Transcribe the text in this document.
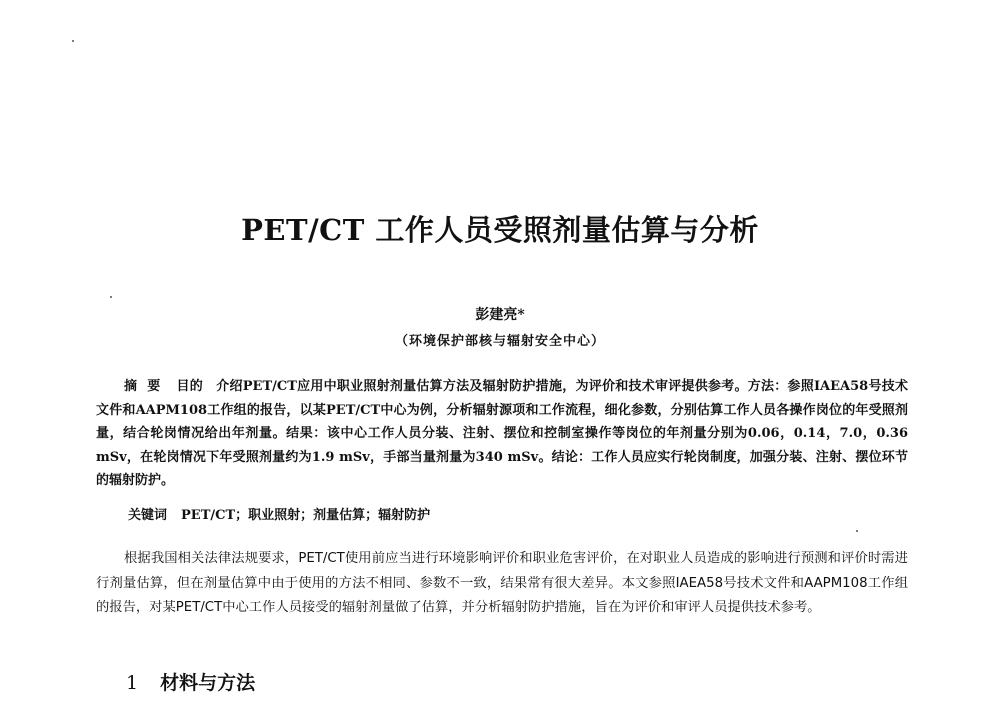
PET/CT 工作人员受照剂量估算与分析
彭建亮*
（环境保护部核与辐射安全中心）
摘要 目的　介绍PET/CT应用中职业照射剂量估算方法及辐射防护措施，为评价和技术审评提供参考。方法：参照IAEA58号技术文件和AAPM108工作组的报告，以某PET/CT中心为例，分析辐射源项和工作流程，细化参数，分别估算工作人员各操作岗位的年受照剂量，结合轮岗情况给出年剂量。结果：该中心工作人员分装、注射、摆位和控制室操作等岗位的年剂量分别为0.06，0.14，7.0，0.36 mSv，在轮岗情况下年受照剂量约为1.9 mSv，手部当量剂量为340 mSv。结论：工作人员应实行轮岗制度，加强分装、注射、摆位环节的辐射防护。
关键词 PET/CT；职业照射；剂量估算；辐射防护
根据我国相关法律法规要求，PET/CT使用前应当进行环境影响评价和职业危害评价，在对职业人员造成的影响进行预测和评价时需进行剂量估算，但在剂量估算中由于使用的方法不相同、参数不一致，结果常有很大差异。本文参照IAEA58号技术文件和AAPM108工作组的报告，对某PET/CT中心工作人员接受的辐射剂量做了估算，并分析辐射防护措施，旨在为评价和审评人员提供技术参考。
1 材料与方法
